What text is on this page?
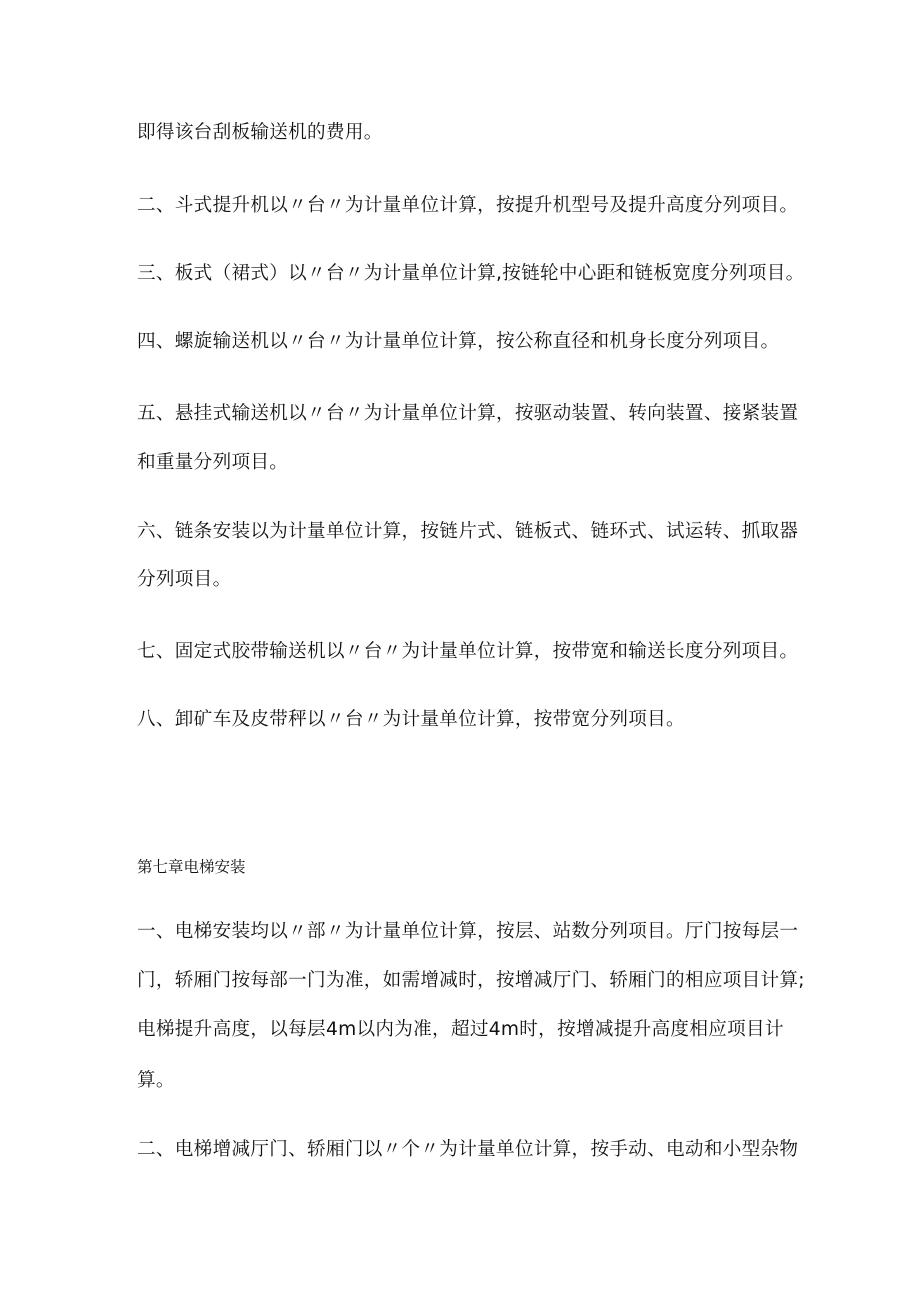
即得该台刮板输送机的费用。
二、斗式提升机以〃台〃为计量单位计算，按提升机型号及提升高度分列项目。
三、板式（裙式）以〃台〃为计量单位计算,按链轮中心距和链板宽度分列项目。
四、螺旋输送机以〃台〃为计量单位计算，按公称直径和机身长度分列项目。
五、悬挂式输送机以〃台〃为计量单位计算，按驱动装置、转向装置、接紧装置
和重量分列项目。
六、链条安装以为计量单位计算，按链片式、链板式、链环式、试运转、抓取器
分列项目。
七、固定式胶带输送机以〃台〃为计量单位计算，按带宽和输送长度分列项目。
八、卸矿车及皮带秤以〃台〃为计量单位计算，按带宽分列项目。
第七章电梯安装
一、电梯安装均以〃部〃为计量单位计算，按层、站数分列项目。厅门按每层一
门，轿厢门按每部一门为准，如需增减时，按增减厅门、轿厢门的相应项目计算;
电梯提升高度，以每层4m以内为准，超过4m时，按增减提升高度相应项目计
算。
二、电梯增减厅门、轿厢门以〃个〃为计量单位计算，按手动、电动和小型杂物
